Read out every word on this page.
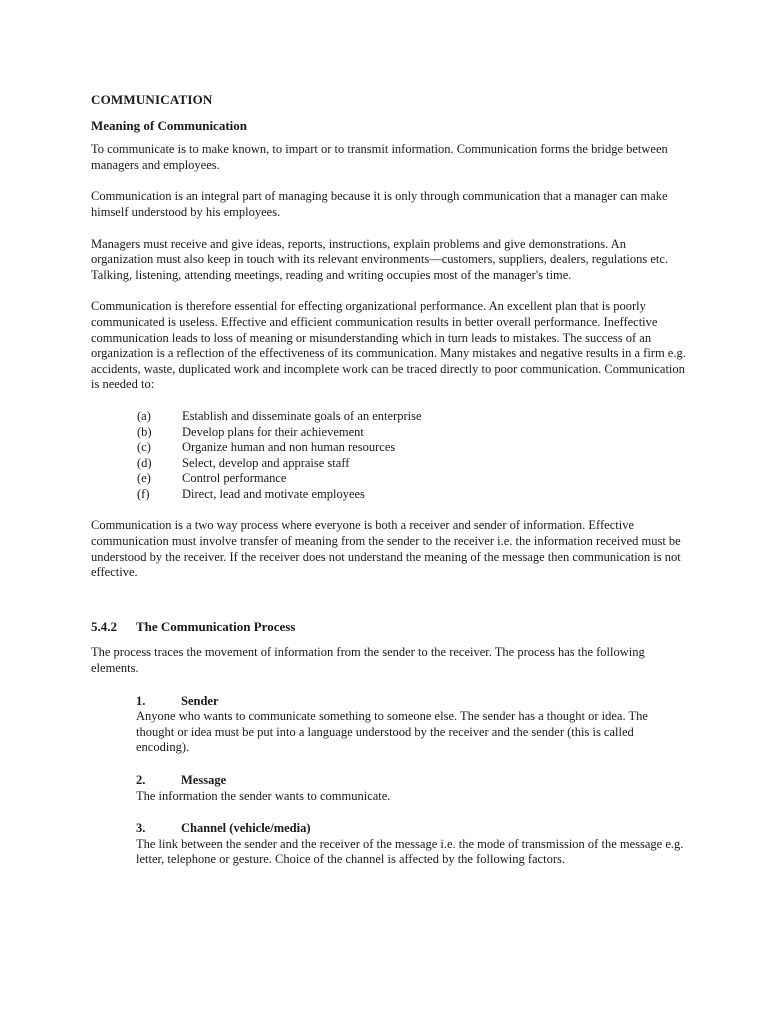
COMMUNICATION
Meaning of Communication

To communicate is to make known, to impart or to transmit information. Communication forms the bridge between managers and employees.

Communication is an integral part of managing because it is only through communication that a manager can make himself understood by his employees.

Managers must receive and give ideas, reports, instructions, explain problems and give demonstrations. An organization must also keep in touch with its relevant environments—customers, suppliers, dealers, regulations etc. Talking, listening, attending meetings, reading and writing occupies most of the manager's time.

Communication is therefore essential for effecting organizational performance. An excellent plan that is poorly communicated is useless. Effective and efficient communication results in better overall performance. Ineffective communication leads to loss of meaning or misunderstanding which in turn leads to mistakes. The success of an organization is a reflection of the effectiveness of its communication. Many mistakes and negative results in a firm e.g. accidents, waste, duplicated work and incomplete work can be traced directly to poor communication. Communication is needed to:

(a)	Establish and disseminate goals of an enterprise
(b)	Develop plans for their achievement
(c)	Organize human and non human resources
(d)	Select, develop and appraise staff
(e)	Control performance
(f)	Direct, lead and motivate employees

Communication is a two way process where everyone is both a receiver and sender of information. Effective communication must involve transfer of meaning from the sender to the receiver i.e. the information received must be understood by the receiver. If the receiver does not understand the meaning of the message then communication is not effective.

5.4.2	The Communication Process

The process traces the movement of information from the sender to the receiver. The process has the following elements.

1.	Sender
Anyone who wants to communicate something to someone else. The sender has a thought or idea. The thought or idea must be put into a language understood by the receiver and the sender (this is called encoding).
2.	Message
The information the sender wants to communicate.
3.	Channel (vehicle/media)
The link between the sender and the receiver of the message i.e. the mode of transmission of the message e.g. letter, telephone or gesture. Choice of the channel is affected by the following factors.
